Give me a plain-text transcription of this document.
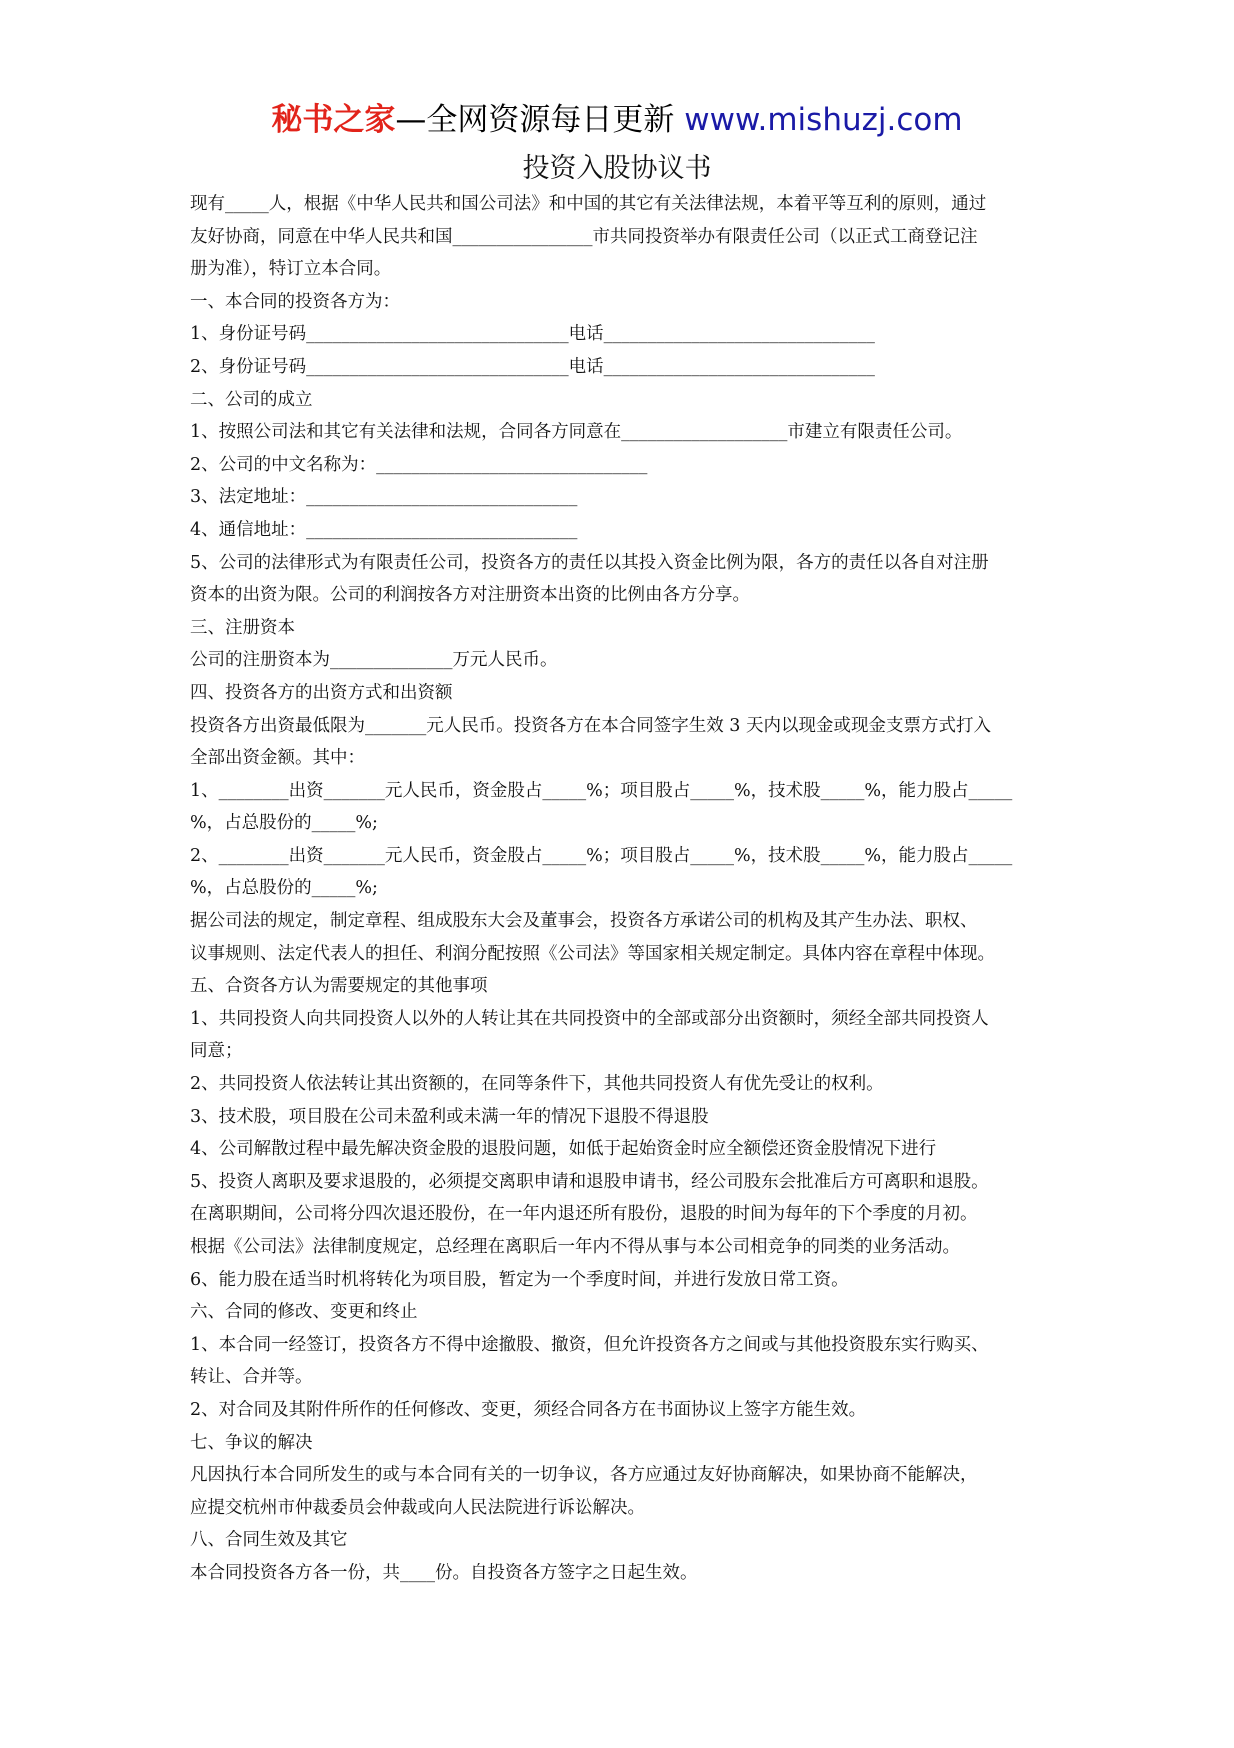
秘书之家—全网资源每日更新 www.mishuzj.com
投资入股协议书
现有_____人，根据《中华人民共和国公司法》和中国的其它有关法律法规，本着平等互利的原则，通过
友好协商，同意在中华人民共和国________________市共同投资举办有限责任公司（以正式工商登记注
册为准），特订立本合同。
一、本合同的投资各方为：
1、身份证号码______________________________电话_______________________________
2、身份证号码______________________________电话_______________________________
二、公司的成立
1、按照公司法和其它有关法律和法规，合同各方同意在___________________市建立有限责任公司。
2、公司的中文名称为：_______________________________
3、法定地址：_______________________________
4、通信地址：_______________________________
5、公司的法律形式为有限责任公司，投资各方的责任以其投入资金比例为限，各方的责任以各自对注册
资本的出资为限。公司的利润按各方对注册资本出资的比例由各方分享。
三、注册资本
公司的注册资本为______________万元人民币。
四、投资各方的出资方式和出资额
投资各方出资最低限为_______元人民币。投资各方在本合同签字生效 3 天内以现金或现金支票方式打入
全部出资金额。其中：
1、________出资_______元人民币，资金股占_____%；项目股占_____%，技术股_____%，能力股占_____
%，占总股份的_____%;
2、________出资_______元人民币，资金股占_____%；项目股占_____%，技术股_____%，能力股占_____
%，占总股份的_____%;
据公司法的规定，制定章程、组成股东大会及董事会，投资各方承诺公司的机构及其产生办法、职权、
议事规则、法定代表人的担任、利润分配按照《公司法》等国家相关规定制定。具体内容在章程中体现。
五、合资各方认为需要规定的其他事项
1、共同投资人向共同投资人以外的人转让其在共同投资中的全部或部分出资额时，须经全部共同投资人
同意；
2、共同投资人依法转让其出资额的，在同等条件下，其他共同投资人有优先受让的权利。
3、技术股，项目股在公司未盈利或未满一年的情况下退股不得退股
4、公司解散过程中最先解决资金股的退股问题，如低于起始资金时应全额偿还资金股情况下进行
5、投资人离职及要求退股的，必须提交离职申请和退股申请书，经公司股东会批准后方可离职和退股。
在离职期间，公司将分四次退还股份，在一年内退还所有股份，退股的时间为每年的下个季度的月初。
根据《公司法》法律制度规定，总经理在离职后一年内不得从事与本公司相竞争的同类的业务活动。
6、能力股在适当时机将转化为项目股，暂定为一个季度时间，并进行发放日常工资。
六、合同的修改、变更和终止
1、本合同一经签订，投资各方不得中途撤股、撤资，但允许投资各方之间或与其他投资股东实行购买、
转让、合并等。
2、对合同及其附件所作的任何修改、变更，须经合同各方在书面协议上签字方能生效。
七、争议的解决
凡因执行本合同所发生的或与本合同有关的一切争议，各方应通过友好协商解决，如果协商不能解决，
应提交杭州市仲裁委员会仲裁或向人民法院进行诉讼解决。
八、合同生效及其它
本合同投资各方各一份，共____份。自投资各方签字之日起生效。
